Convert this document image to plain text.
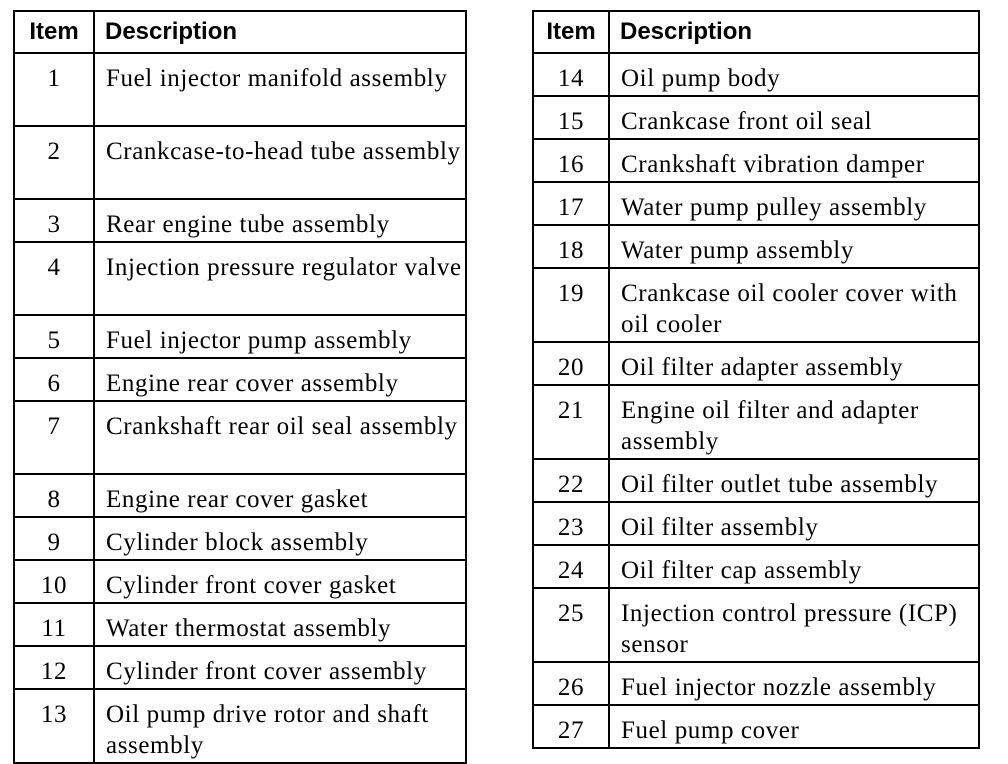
Item	Description
1	Fuel injector manifold assembly
2	Crankcase-to-head tube assembly
3	Rear engine tube assembly
4	Injection pressure regulator valve
5	Fuel injector pump assembly
6	Engine rear cover assembly
7	Crankshaft rear oil seal assembly
8	Engine rear cover gasket
9	Cylinder block assembly
10	Cylinder front cover gasket
11	Water thermostat assembly
12	Cylinder front cover assembly
13	Oil pump drive rotor and shaft assembly
Item	Description
14	Oil pump body
15	Crankcase front oil seal
16	Crankshaft vibration damper
17	Water pump pulley assembly
18	Water pump assembly
19	Crankcase oil cooler cover with oil cooler
20	Oil filter adapter assembly
21	Engine oil filter and adapter assembly
22	Oil filter outlet tube assembly
23	Oil filter assembly
24	Oil filter cap assembly
25	Injection control pressure (ICP) sensor
26	Fuel injector nozzle assembly
27	Fuel pump cover
